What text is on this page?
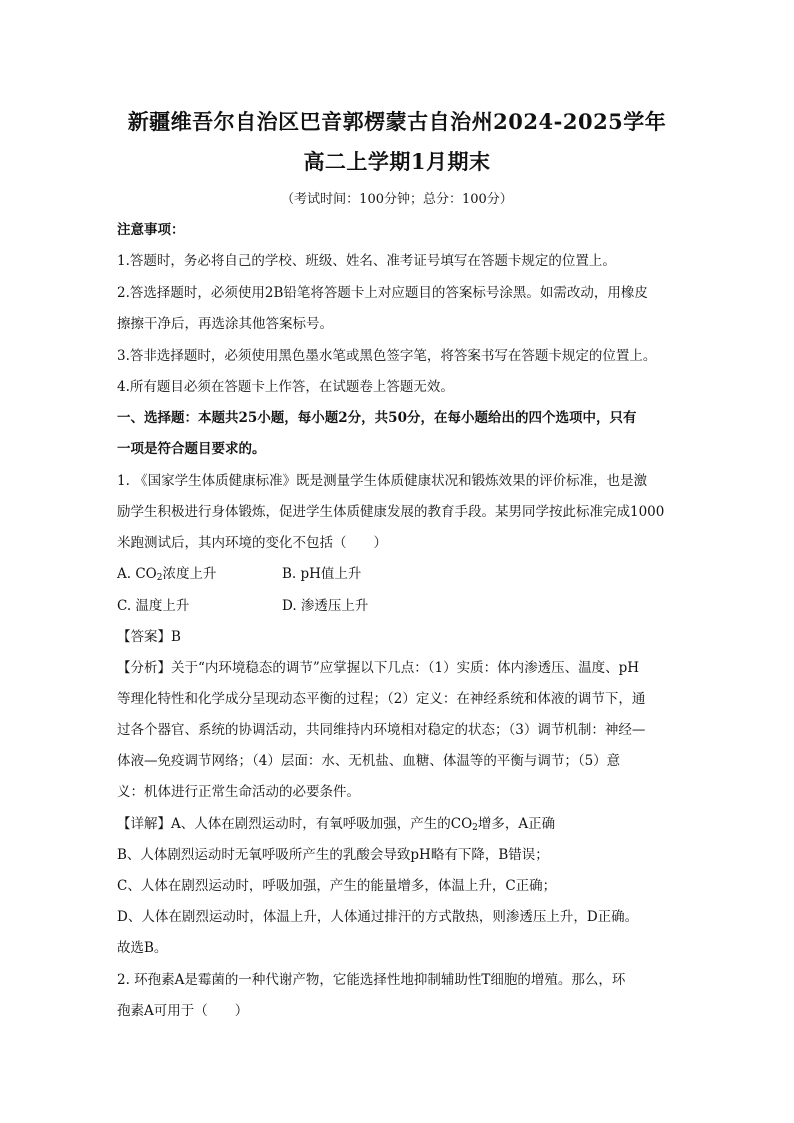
新疆维吾尔自治区巴音郭楞蒙古自治州2024-2025学年
高二上学期1月期末
（考试时间：100分钟；总分：100分）
注意事项：
1.答题时，务必将自己的学校、班级、姓名、准考证号填写在答题卡规定的位置上。
2.答选择题时，必须使用2B铅笔将答题卡上对应题目的答案标号涂黑。如需改动，用橡皮
擦擦干净后，再选涂其他答案标号。
3.答非选择题时，必须使用黑色墨水笔或黑色签字笔，将答案书写在答题卡规定的位置上。
4.所有题目必须在答题卡上作答，在试题卷上答题无效。
一、选择题：本题共25小题，每小题2分，共50分，在每小题给出的四个选项中，只有
一项是符合题目要求的。
1. 《国家学生体质健康标准》既是测量学生体质健康状况和锻炼效果的评价标准，也是激
励学生积极进行身体锻炼，促进学生体质健康发展的教育手段。某男同学按此标准完成1000
米跑测试后，其内环境的变化不包括（　　）
A. $CO_2$浓度上升	B. pH值上升
C. 温度上升	D. 渗透压上升
【答案】B
【分析】关于“内环境稳态的调节”应掌握以下几点：（1）实质：体内渗透压、温度、pH
等理化特性和化学成分呈现动态平衡的过程；（2）定义：在神经系统和体液的调节下，通
过各个器官、系统的协调活动，共同维持内环境相对稳定的状态；（3）调节机制：神经—
体液—免疫调节网络；（4）层面：水、无机盐、血糖、体温等的平衡与调节；（5）意
义：机体进行正常生命活动的必要条件。
【详解】A、人体在剧烈运动时，有氧呼吸加强，产生的$CO_2$增多，A正确
B、人体剧烈运动时无氧呼吸所产生的乳酸会导致pH略有下降，B错误；
C、人体在剧烈运动时，呼吸加强，产生的能量增多，体温上升，C正确；
D、人体在剧烈运动时，体温上升，人体通过排汗的方式散热，则渗透压上升，D正确。
故选B。
2. 环孢素A是霉菌的一种代谢产物，它能选择性地抑制辅助性T细胞的增殖。那么，环
孢素A可用于（　　）
